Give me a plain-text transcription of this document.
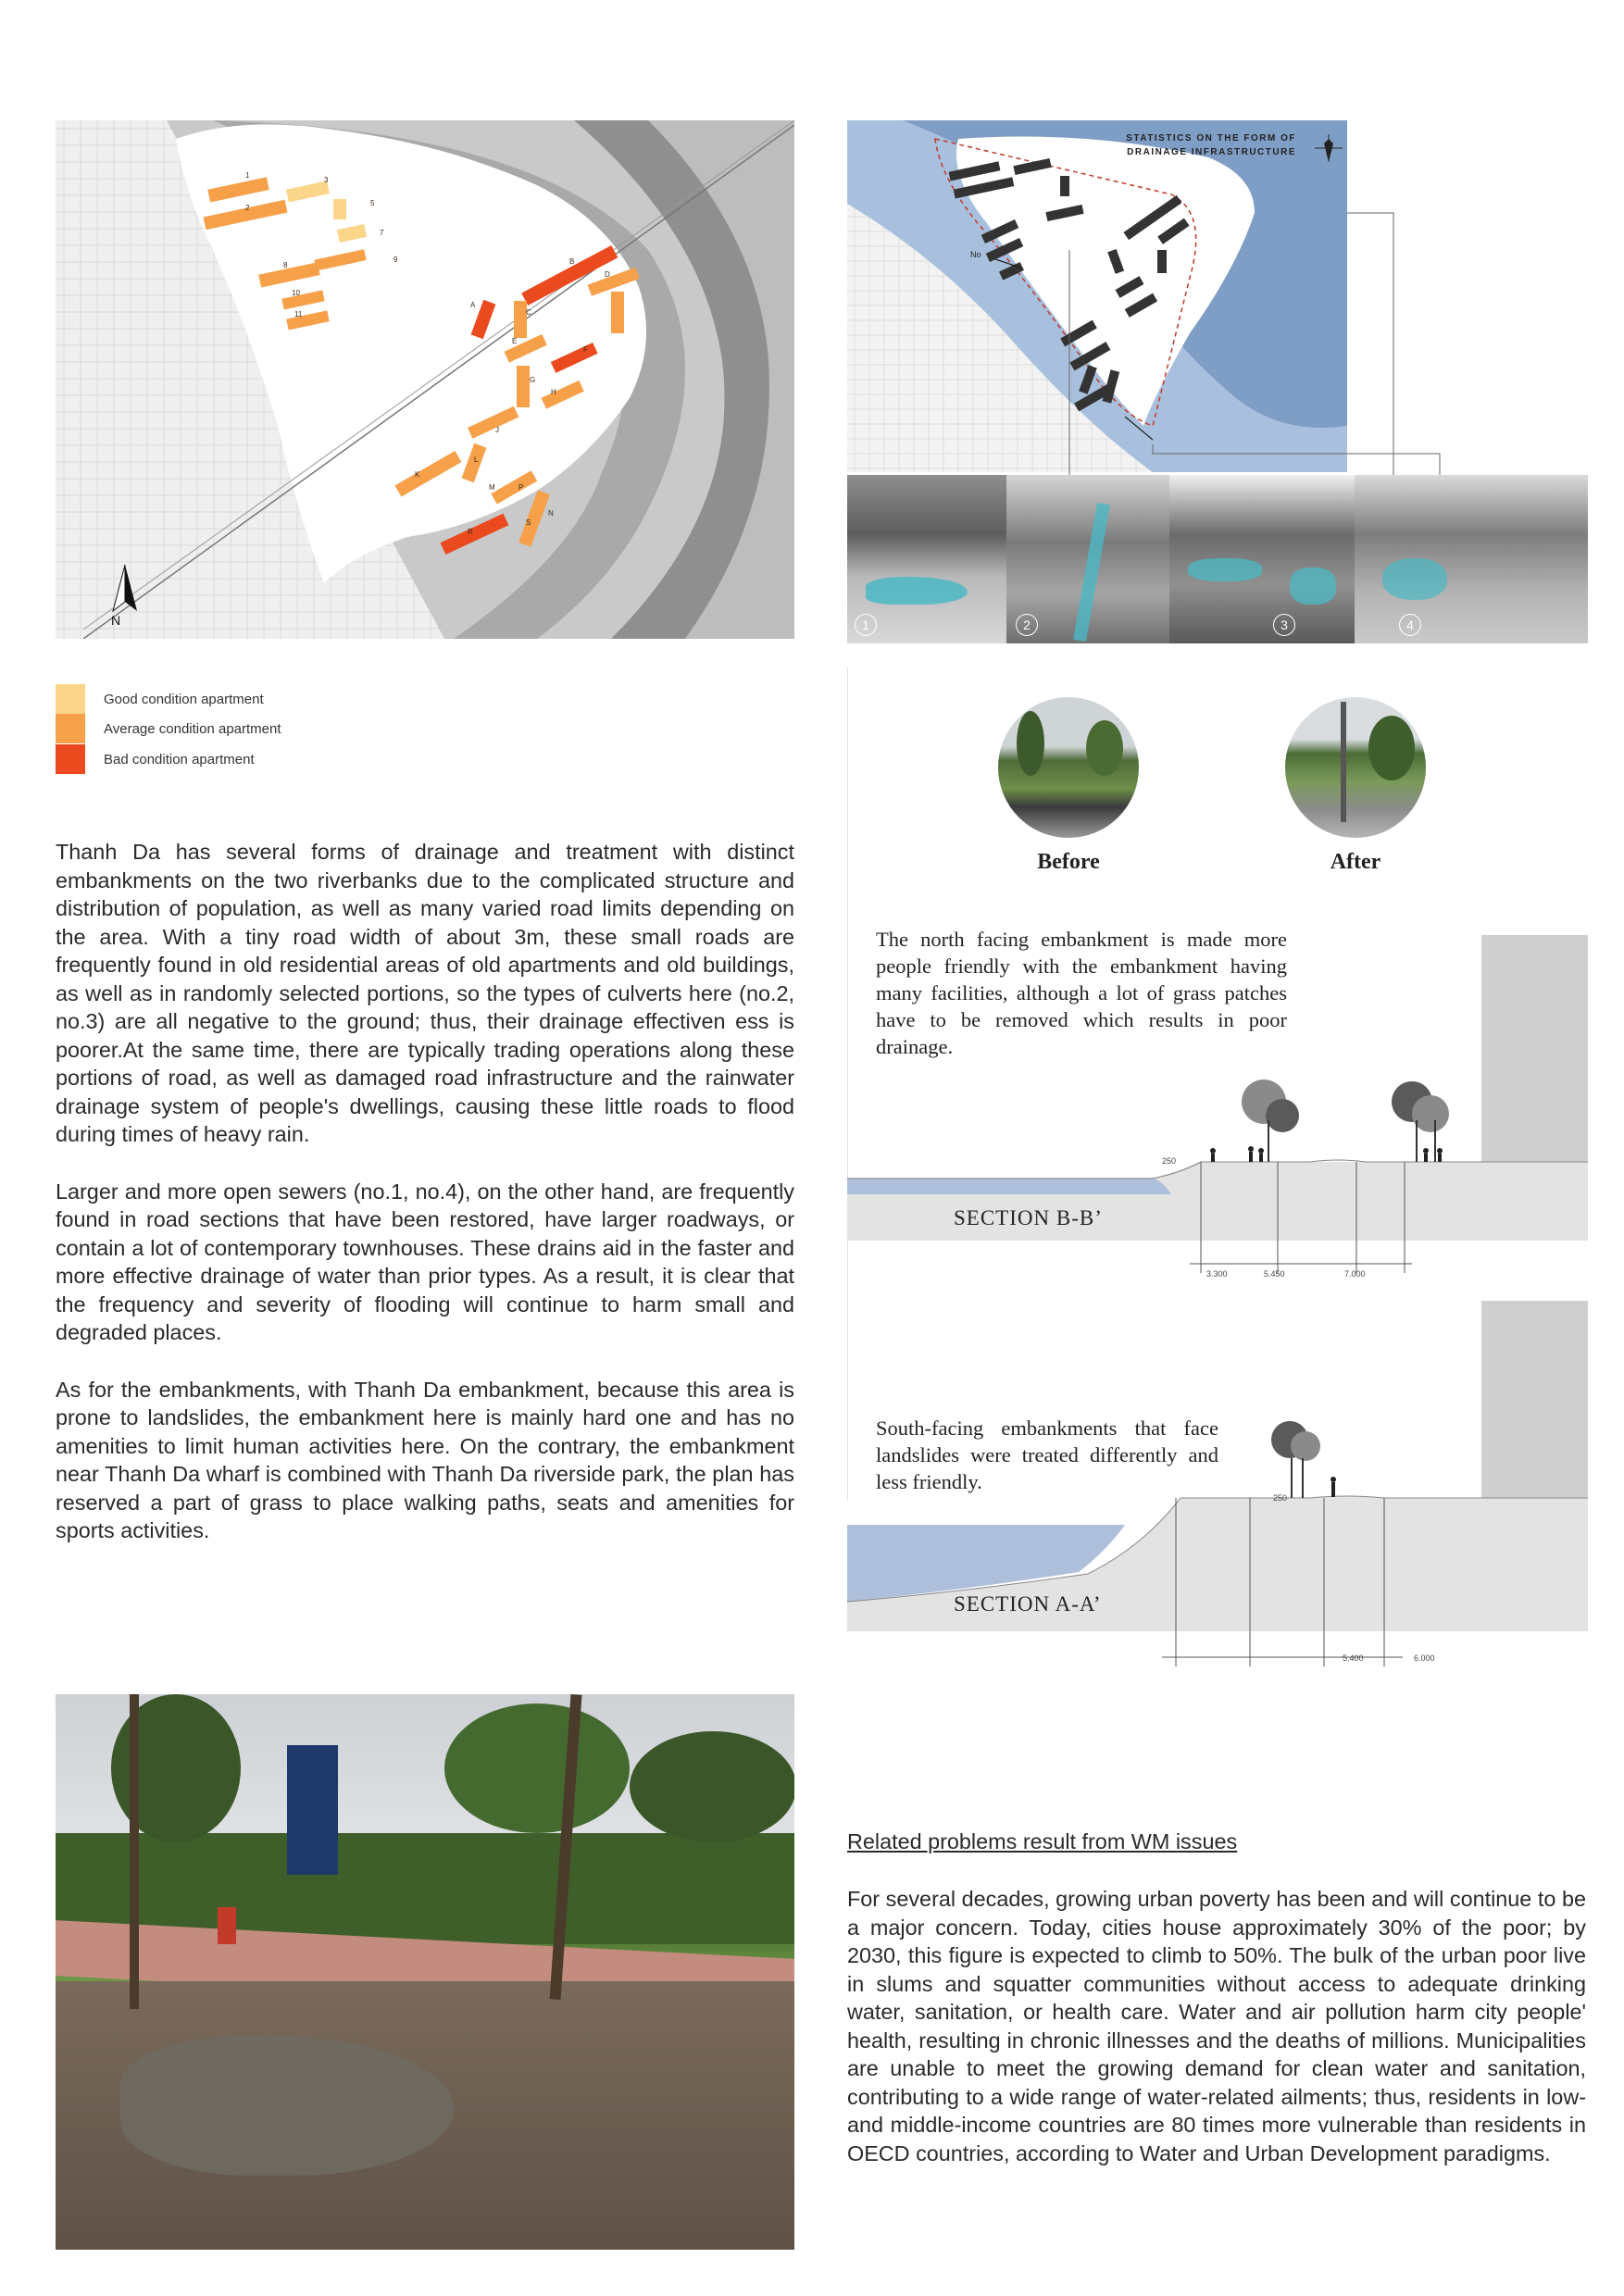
N
1
2
3
5
7
9
8
10
11
B
D
A
C
E
F
G
H
J
K
L
M	P
N
R
S
Good condition apartment
Average condition apartment
Bad condition apartment

Thanh Da has several forms of drainage and treatment with distinct embankments on the two riverbanks due to the complicated structure and distribution of population, as well as many varied road limits depending on the area. With a tiny road width of about 3m, these small roads are frequently found in old residential areas of old apartments and old buildings, as well as in randomly selected portions, so the types of culverts here (no.2, no.3) are all negative to the ground; thus, their drainage effectiven ess is poorer.At the same time, there are typically trading operations along these portions of road, as well as damaged road infrastructure and the rainwater drainage system of people's dwellings, causing these little roads to flood during times of heavy rain.

Larger and more open sewers (no.1, no.4), on the other hand, are frequently found in road sections that have been restored, have larger roadways, or contain a lot of contemporary townhouses. These drains aid in the faster and more effective drainage of water than prior types. As a result, it is clear that the frequency and severity of flooding will continue to harm small and degraded places.

As for the embankments, with Thanh Da embankment, because this area is prone to landslides, the embankment here is mainly hard one and has no amenities to limit human activities here. On the contrary, the embankment near Thanh Da wharf is combined with Thanh Da riverside park, the plan has reserved a part of grass to place walking paths, seats and amenities for sports activities.

STATISTICS ON THE FORM OF
DRAINAGE INFRASTRUCTURE
No
1	2	3	4
Before	After
The north facing embankment is made more people friendly with the embankment having many facilities, although a lot of grass patches have to be removed which results in poor drainage.
250
3.300	5.450	7.000
SECTION B-B’
South-facing embankments that face landslides were treated differently and less friendly.
250
5.400	6.000
SECTION A-A’
Related problems result from WM issues

For several decades, growing urban poverty has been and will continue to be a major concern. Today, cities house approximately 30% of the poor; by 2030, this figure is expected to climb to 50%. The bulk of the urban poor live in slums and squatter communities without access to adequate drinking water, sanitation, or health care. Water and air pollution harm city people' health, resulting in chronic illnesses and the deaths of millions. Municipalities are unable to meet the growing demand for clean water and sanitation, contributing to a wide range of water-related ailments; thus, residents in low- and middle-income countries are 80 times more vulnerable than residents in OECD countries, according to Water and Urban Development paradigms.
